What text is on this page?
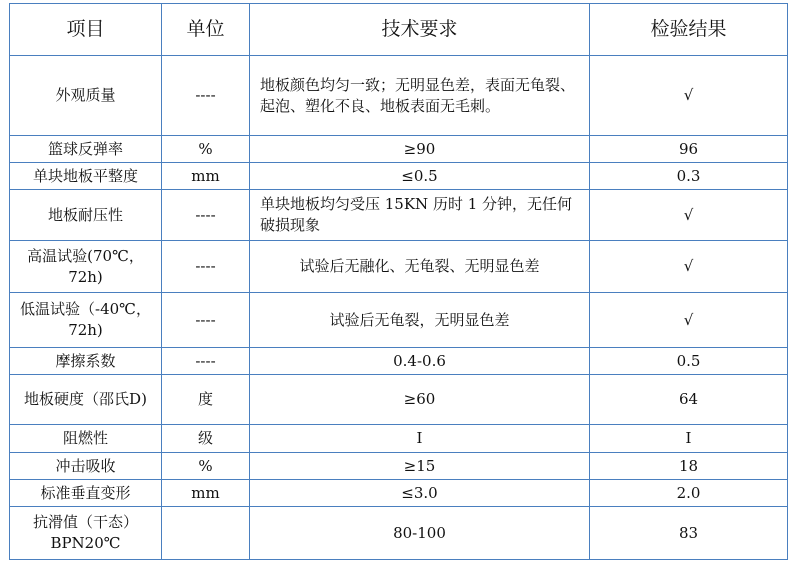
项目	单位	技术要求	检验结果
外观质量	----	地板颜色均匀一致；无明显色差，表面无龟裂、起泡、塑化不良、地板表面无毛刺。	√
篮球反弹率	%	≥90	96
单块地板平整度	mm	≤0.5	0.3
地板耐压性	----	单块地板均匀受压 15KN 历时 1 分钟，无任何破损现象	√
高温试验(70℃，72h)	----	试验后无融化、无龟裂、无明显色差	√
低温试验（-40℃，72h)	----	试验后无龟裂，无明显色差	√
摩擦系数	----	0.4-0.6	0.5
地板硬度（邵氏D)	度	≥60	64
阻燃性	级	I	I
冲击吸收	%	≥15	18
标准垂直变形	mm	≤3.0	2.0
抗滑值（干态）BPN20℃		80-100	83
